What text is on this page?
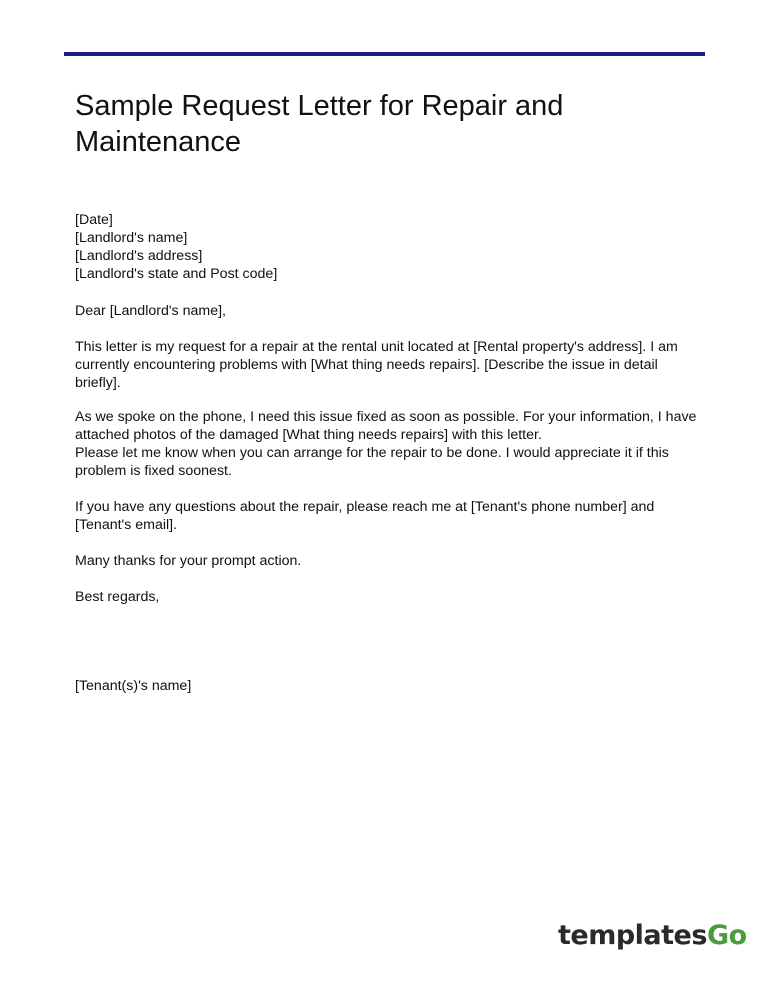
Sample Request Letter for Repair and Maintenance
[Date]
[Landlord's name]
[Landlord's address]
[Landlord's state and Post code]

Dear [Landlord's name],

This letter is my request for a repair at the rental unit located at [Rental property's address]. I am currently encountering problems with [What thing needs repairs]. [Describe the issue in detail briefly].

As we spoke on the phone, I need this issue fixed as soon as possible. For your information, I have attached photos of the damaged [What thing needs repairs] with this letter.
Please let me know when you can arrange for the repair to be done. I would appreciate it if this problem is fixed soonest.

If you have any questions about the repair, please reach me at [Tenant's phone number] and [Tenant's email].

Many thanks for your prompt action.

Best regards,

[Tenant(s)'s name]

templatesGo
